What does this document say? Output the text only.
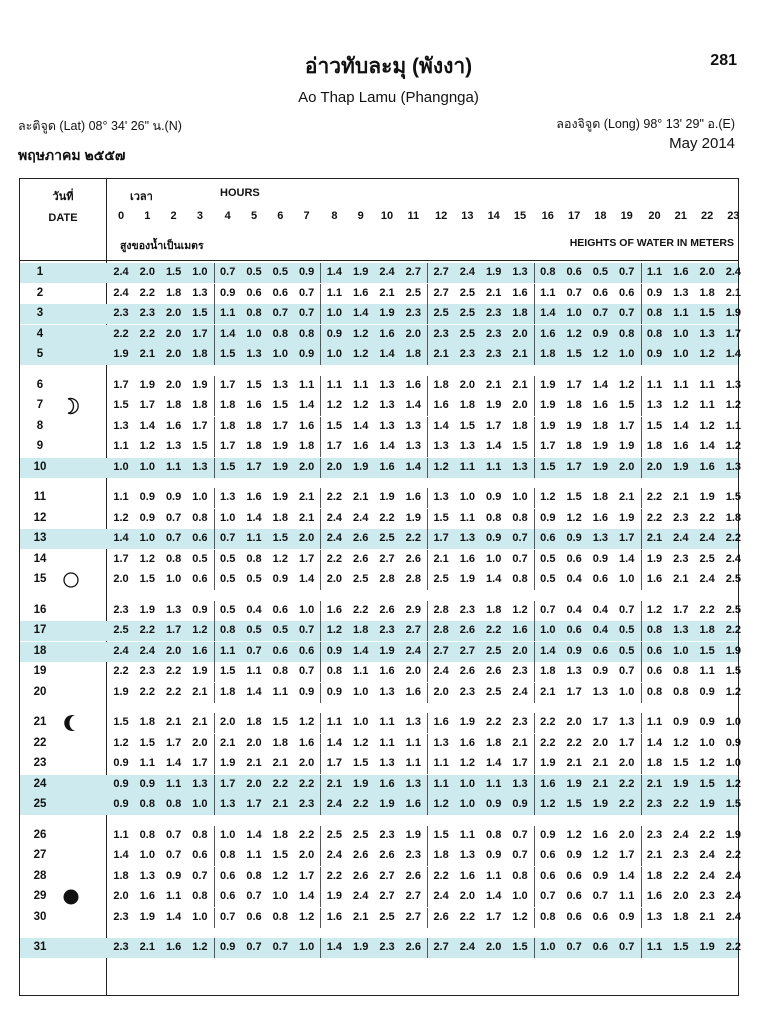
อ่าวทับละมุ (พังงา)	281
Ao Thap Lamu (Phangnga)
ละติจูด (Lat) 08° 34' 26" น.(N)	ลองจิจูด (Long) 98° 13' 29" อ.(E)
พฤษภาคม ๒๕๕๗
May 2014
วันที่
DATE
เวลา	HOURS
0	1	2	3	4	5	6	7	8	9	10	11	12	13	14	15	16	17	18	19	20	21	22	23
สูงของน้ำเป็นเมตร	HEIGHTS OF WATER IN METERS
1	2.4	2.0	1.5	1.0	0.7	0.5	0.5	0.9	1.4	1.9	2.4	2.7	2.7	2.4	1.9	1.3	0.8	0.6	0.5	0.7	1.1	1.6	2.0	2.4
2	2.4	2.2	1.8	1.3	0.9	0.6	0.6	0.7	1.1	1.6	2.1	2.5	2.7	2.5	2.1	1.6	1.1	0.7	0.6	0.6	0.9	1.3	1.8	2.1
3	2.3	2.3	2.0	1.5	1.1	0.8	0.7	0.7	1.0	1.4	1.9	2.3	2.5	2.5	2.3	1.8	1.4	1.0	0.7	0.7	0.8	1.1	1.5	1.9
4	2.2	2.2	2.0	1.7	1.4	1.0	0.8	0.8	0.9	1.2	1.6	2.0	2.3	2.5	2.3	2.0	1.6	1.2	0.9	0.8	0.8	1.0	1.3	1.7
5	1.9	2.1	2.0	1.8	1.5	1.3	1.0	0.9	1.0	1.2	1.4	1.8	2.1	2.3	2.3	2.1	1.8	1.5	1.2	1.0	0.9	1.0	1.2	1.4
6	1.7	1.9	2.0	1.9	1.7	1.5	1.3	1.1	1.1	1.1	1.3	1.6	1.8	2.0	2.1	2.1	1.9	1.7	1.4	1.2	1.1	1.1	1.1	1.3
7	1.5	1.7	1.8	1.8	1.8	1.6	1.5	1.4	1.2	1.2	1.3	1.4	1.6	1.8	1.9	2.0	1.9	1.8	1.6	1.5	1.3	1.2	1.1	1.2
8	1.3	1.4	1.6	1.7	1.8	1.8	1.7	1.6	1.5	1.4	1.3	1.3	1.4	1.5	1.7	1.8	1.9	1.9	1.8	1.7	1.5	1.4	1.2	1.1
9	1.1	1.2	1.3	1.5	1.7	1.8	1.9	1.8	1.7	1.6	1.4	1.3	1.3	1.3	1.4	1.5	1.7	1.8	1.9	1.9	1.8	1.6	1.4	1.2
10	1.0	1.0	1.1	1.3	1.5	1.7	1.9	2.0	2.0	1.9	1.6	1.4	1.2	1.1	1.1	1.3	1.5	1.7	1.9	2.0	2.0	1.9	1.6	1.3
11	1.1	0.9	0.9	1.0	1.3	1.6	1.9	2.1	2.2	2.1	1.9	1.6	1.3	1.0	0.9	1.0	1.2	1.5	1.8	2.1	2.2	2.1	1.9	1.5
12	1.2	0.9	0.7	0.8	1.0	1.4	1.8	2.1	2.4	2.4	2.2	1.9	1.5	1.1	0.8	0.8	0.9	1.2	1.6	1.9	2.2	2.3	2.2	1.8
13	1.4	1.0	0.7	0.6	0.7	1.1	1.5	2.0	2.4	2.6	2.5	2.2	1.7	1.3	0.9	0.7	0.6	0.9	1.3	1.7	2.1	2.4	2.4	2.2
14	1.7	1.2	0.8	0.5	0.5	0.8	1.2	1.7	2.2	2.6	2.7	2.6	2.1	1.6	1.0	0.7	0.5	0.6	0.9	1.4	1.9	2.3	2.5	2.4
15	2.0	1.5	1.0	0.6	0.5	0.5	0.9	1.4	2.0	2.5	2.8	2.8	2.5	1.9	1.4	0.8	0.5	0.4	0.6	1.0	1.6	2.1	2.4	2.5
16	2.3	1.9	1.3	0.9	0.5	0.4	0.6	1.0	1.6	2.2	2.6	2.9	2.8	2.3	1.8	1.2	0.7	0.4	0.4	0.7	1.2	1.7	2.2	2.5
17	2.5	2.2	1.7	1.2	0.8	0.5	0.5	0.7	1.2	1.8	2.3	2.7	2.8	2.6	2.2	1.6	1.0	0.6	0.4	0.5	0.8	1.3	1.8	2.2
18	2.4	2.4	2.0	1.6	1.1	0.7	0.6	0.6	0.9	1.4	1.9	2.4	2.7	2.7	2.5	2.0	1.4	0.9	0.6	0.5	0.6	1.0	1.5	1.9
19	2.2	2.3	2.2	1.9	1.5	1.1	0.8	0.7	0.8	1.1	1.6	2.0	2.4	2.6	2.6	2.3	1.8	1.3	0.9	0.7	0.6	0.8	1.1	1.5
20	1.9	2.2	2.2	2.1	1.8	1.4	1.1	0.9	0.9	1.0	1.3	1.6	2.0	2.3	2.5	2.4	2.1	1.7	1.3	1.0	0.8	0.8	0.9	1.2
21	1.5	1.8	2.1	2.1	2.0	1.8	1.5	1.2	1.1	1.0	1.1	1.3	1.6	1.9	2.2	2.3	2.2	2.0	1.7	1.3	1.1	0.9	0.9	1.0
22	1.2	1.5	1.7	2.0	2.1	2.0	1.8	1.6	1.4	1.2	1.1	1.1	1.3	1.6	1.8	2.1	2.2	2.2	2.0	1.7	1.4	1.2	1.0	0.9
23	0.9	1.1	1.4	1.7	1.9	2.1	2.1	2.0	1.7	1.5	1.3	1.1	1.1	1.2	1.4	1.7	1.9	2.1	2.1	2.0	1.8	1.5	1.2	1.0
24	0.9	0.9	1.1	1.3	1.7	2.0	2.2	2.2	2.1	1.9	1.6	1.3	1.1	1.0	1.1	1.3	1.6	1.9	2.1	2.2	2.1	1.9	1.5	1.2
25	0.9	0.8	0.8	1.0	1.3	1.7	2.1	2.3	2.4	2.2	1.9	1.6	1.2	1.0	0.9	0.9	1.2	1.5	1.9	2.2	2.3	2.2	1.9	1.5
26	1.1	0.8	0.7	0.8	1.0	1.4	1.8	2.2	2.5	2.5	2.3	1.9	1.5	1.1	0.8	0.7	0.9	1.2	1.6	2.0	2.3	2.4	2.2	1.9
27	1.4	1.0	0.7	0.6	0.8	1.1	1.5	2.0	2.4	2.6	2.6	2.3	1.8	1.3	0.9	0.7	0.6	0.9	1.2	1.7	2.1	2.3	2.4	2.2
28	1.8	1.3	0.9	0.7	0.6	0.8	1.2	1.7	2.2	2.6	2.7	2.6	2.2	1.6	1.1	0.8	0.6	0.6	0.9	1.4	1.8	2.2	2.4	2.4
29	2.0	1.6	1.1	0.8	0.6	0.7	1.0	1.4	1.9	2.4	2.7	2.7	2.4	2.0	1.4	1.0	0.7	0.6	0.7	1.1	1.6	2.0	2.3	2.4
30	2.3	1.9	1.4	1.0	0.7	0.6	0.8	1.2	1.6	2.1	2.5	2.7	2.6	2.2	1.7	1.2	0.8	0.6	0.6	0.9	1.3	1.8	2.1	2.4
31	2.3	2.1	1.6	1.2	0.9	0.7	0.7	1.0	1.4	1.9	2.3	2.6	2.7	2.4	2.0	1.5	1.0	0.7	0.6	0.7	1.1	1.5	1.9	2.2
